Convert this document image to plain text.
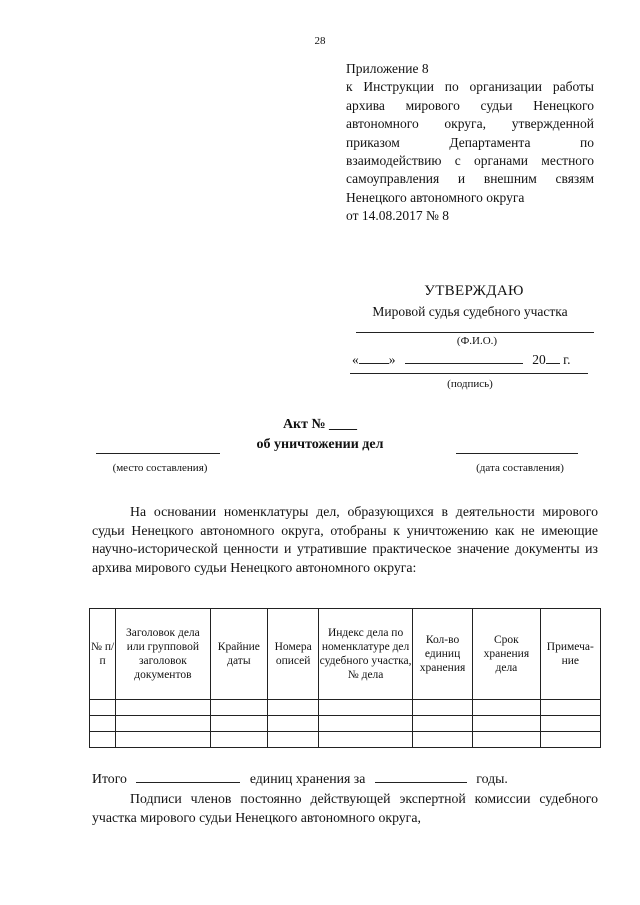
28
Приложение 8
к Инструкции по организации работы
архива мирового судьи Ненецкого
автономного округа, утвержденной
приказом Департамента по
взаимодействию с органами местного
самоуправления и внешним связям
Ненецкого автономного округа
от 14.08.2017 № 8
УТВЕРЖДАЮ
Мировой судья судебного участка
(Ф.И.О.)
« »	20 г.
(подпись)
Акт № ____
об уничтожении дел
(место составления)	(дата составления)
На основании номенклатуры дел, образующихся в деятельности мирового судьи Ненецкого автономного округа, отобраны к уничтожению как не имеющие научно-исторической ценности и утратившие практическое значение документы из архива мирового судьи Ненецкого автономного округа:
№ п/п	Заголовок дела или групповой заголовок документов	Крайние даты	Номера описей	Индекс дела по номенклатуре дел судебного участка, № дела	Кол-во единиц хранения	Срок хранения дела	Примеча-ние

Итого	единиц хранения за	годы.
Подписи членов постоянно действующей экспертной комиссии судебного участка мирового судьи Ненецкого автономного округа,
